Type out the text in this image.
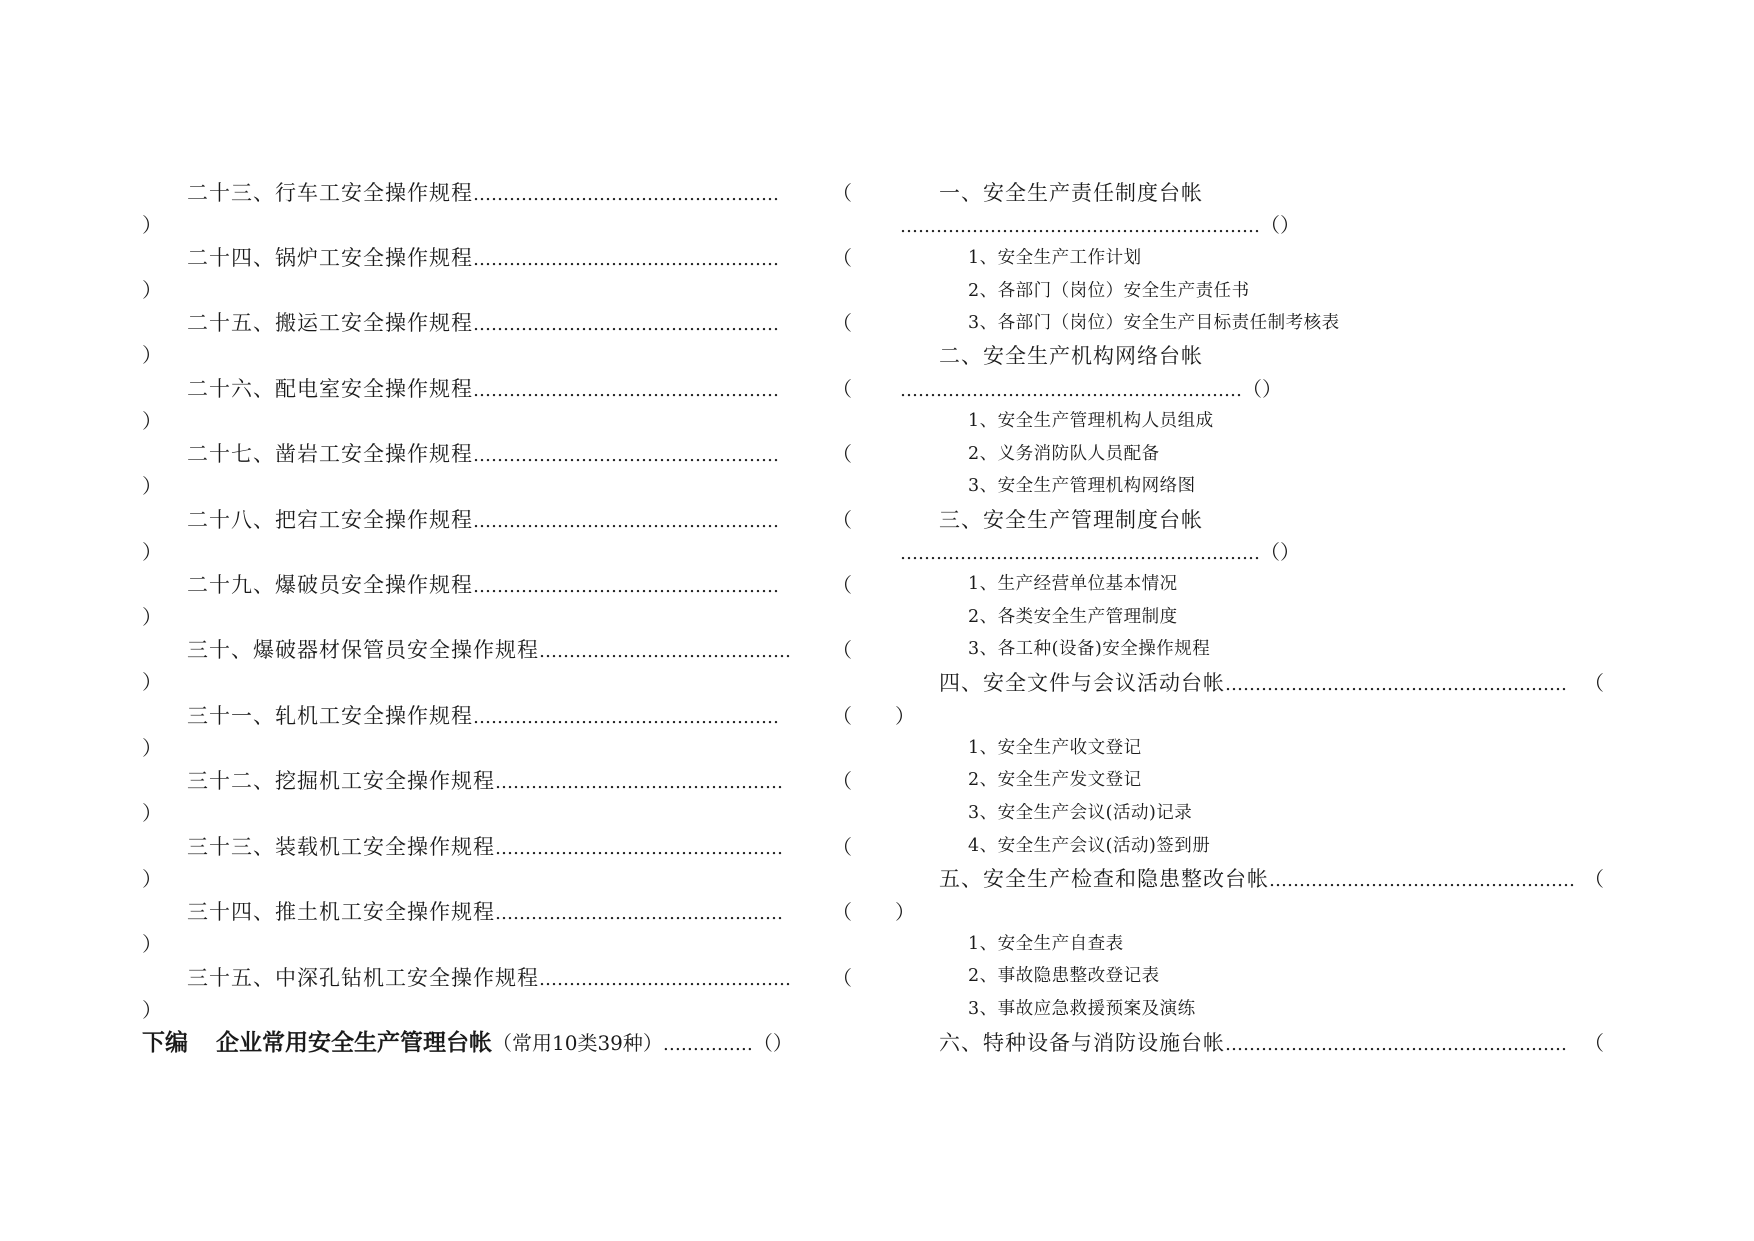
二十三、行车工安全操作规程……………………………………………	（
）
二十四、锅炉工安全操作规程……………………………………………	（
）
二十五、搬运工安全操作规程……………………………………………	（
）
二十六、配电室安全操作规程……………………………………………	（
）
二十七、凿岩工安全操作规程……………………………………………	（
）
二十八、把宕工安全操作规程……………………………………………	（
）
二十九、爆破员安全操作规程……………………………………………	（
）
三十、爆破器材保管员安全操作规程…………………………………… （
）
三十一、轧机工安全操作规程……………………………………………	（
）
三十二、挖掘机工安全操作规程………………………………………… （
）
三十三、装载机工安全操作规程………………………………………… （
）
三十四、推土机工安全操作规程………………………………………… （
）
三十五、中深孔钻机工安全操作规程…………………………………… （
）
下编 企业常用安全生产管理台帐（常用10类39种）……………（）
一、安全生产责任制度台帐
……………………………………………………（）
1、安全生产工作计划
2、各部门（岗位）安全生产责任书
3、各部门（岗位）安全生产目标责任制考核表
二、安全生产机构网络台帐
…………………………………………………（）
1、安全生产管理机构人员组成
2、义务消防队人员配备
3、安全生产管理机构网络图
三、安全生产管理制度台帐
……………………………………………………（）
1、生产经营单位基本情况
2、各类安全生产管理制度
3、各工种(设备)安全操作规程
四、安全文件与会议活动台帐………………………………………………… （
）
1、安全生产收文登记
2、安全生产发文登记
3、安全生产会议(活动)记录
4、安全生产会议(活动)签到册
五、安全生产检查和隐患整改台帐…………………………………………… （
）
1、安全生产自查表
2、事故隐患整改登记表
3、事故应急救援预案及演练
六、特种设备与消防设施台帐………………………………………………… （
